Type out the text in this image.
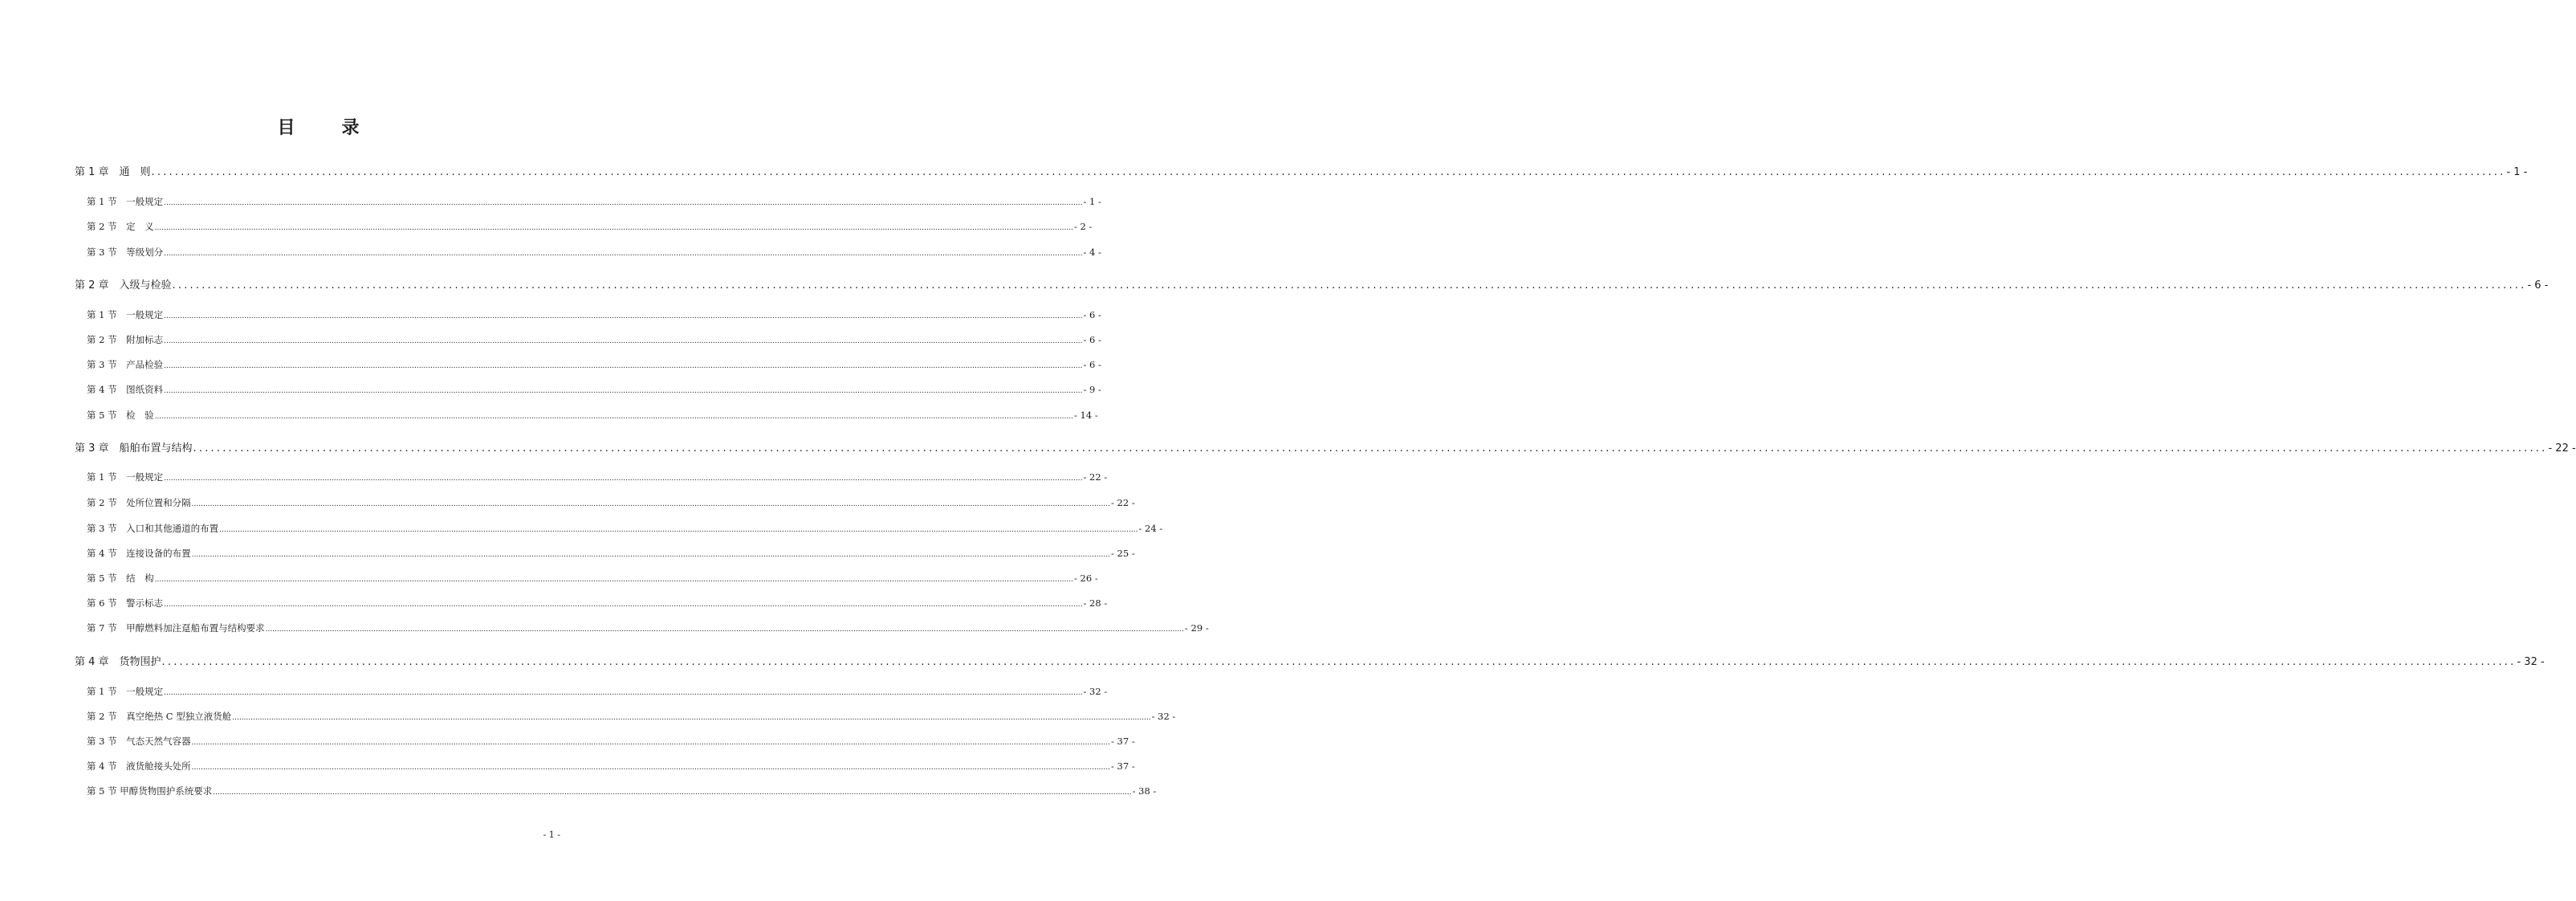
目　录
第 1 章　通　则 ................................................................................................................................................................................................................................................................................................................................................................................................................ - 1 -
第 1 节　一般规定 ................................................................................................................................................................................................................................................................................................................................................................................................................ - 1 -
第 2 节　定　义 ................................................................................................................................................................................................................................................................................................................................................................................................................ - 2 -
第 3 节　等级划分 ................................................................................................................................................................................................................................................................................................................................................................................................................ - 4 -
第 2 章　入级与检验 ................................................................................................................................................................................................................................................................................................................................................................................................................ - 6 -
第 1 节　一般规定 ................................................................................................................................................................................................................................................................................................................................................................................................................ - 6 -
第 2 节　附加标志 ................................................................................................................................................................................................................................................................................................................................................................................................................ - 6 -
第 3 节　产品检验 ................................................................................................................................................................................................................................................................................................................................................................................................................ - 6 -
第 4 节　图纸资料 ................................................................................................................................................................................................................................................................................................................................................................................................................ - 9 -
第 5 节　检　验 ................................................................................................................................................................................................................................................................................................................................................................................................................ - 14 -
第 3 章　船舶布置与结构 ................................................................................................................................................................................................................................................................................................................................................................................................................ - 22 -
第 1 节　一般规定 ................................................................................................................................................................................................................................................................................................................................................................................................................ - 22 -
第 2 节　处所位置和分隔 ................................................................................................................................................................................................................................................................................................................................................................................................................ - 22 -
第 3 节　入口和其他通道的布置 ................................................................................................................................................................................................................................................................................................................................................................................................................ - 24 -
第 4 节　连接设备的布置 ................................................................................................................................................................................................................................................................................................................................................................................................................ - 25 -
第 5 节　结　构 ................................................................................................................................................................................................................................................................................................................................................................................................................ - 26 -
第 6 节　警示标志 ................................................................................................................................................................................................................................................................................................................................................................................................................ - 28 -
第 7 节　甲醇燃料加注趸船布置与结构要求 ................................................................................................................................................................................................................................................................................................................................................................................................................ - 29 -
第 4 章　货物围护 ................................................................................................................................................................................................................................................................................................................................................................................................................ - 32 -
第 1 节　一般规定 ................................................................................................................................................................................................................................................................................................................................................................................................................ - 32 -
第 2 节　真空绝热 C 型独立液货舱 ................................................................................................................................................................................................................................................................................................................................................................................................................ - 32 -
第 3 节　气态天然气容器 ................................................................................................................................................................................................................................................................................................................................................................................................................ - 37 -
第 4 节　液货舱接头处所 ................................................................................................................................................................................................................................................................................................................................................................................................................ - 37 -
第 5 节 甲醇货物围护系统要求 ................................................................................................................................................................................................................................................................................................................................................................................................................ - 38 -
- 1 -
